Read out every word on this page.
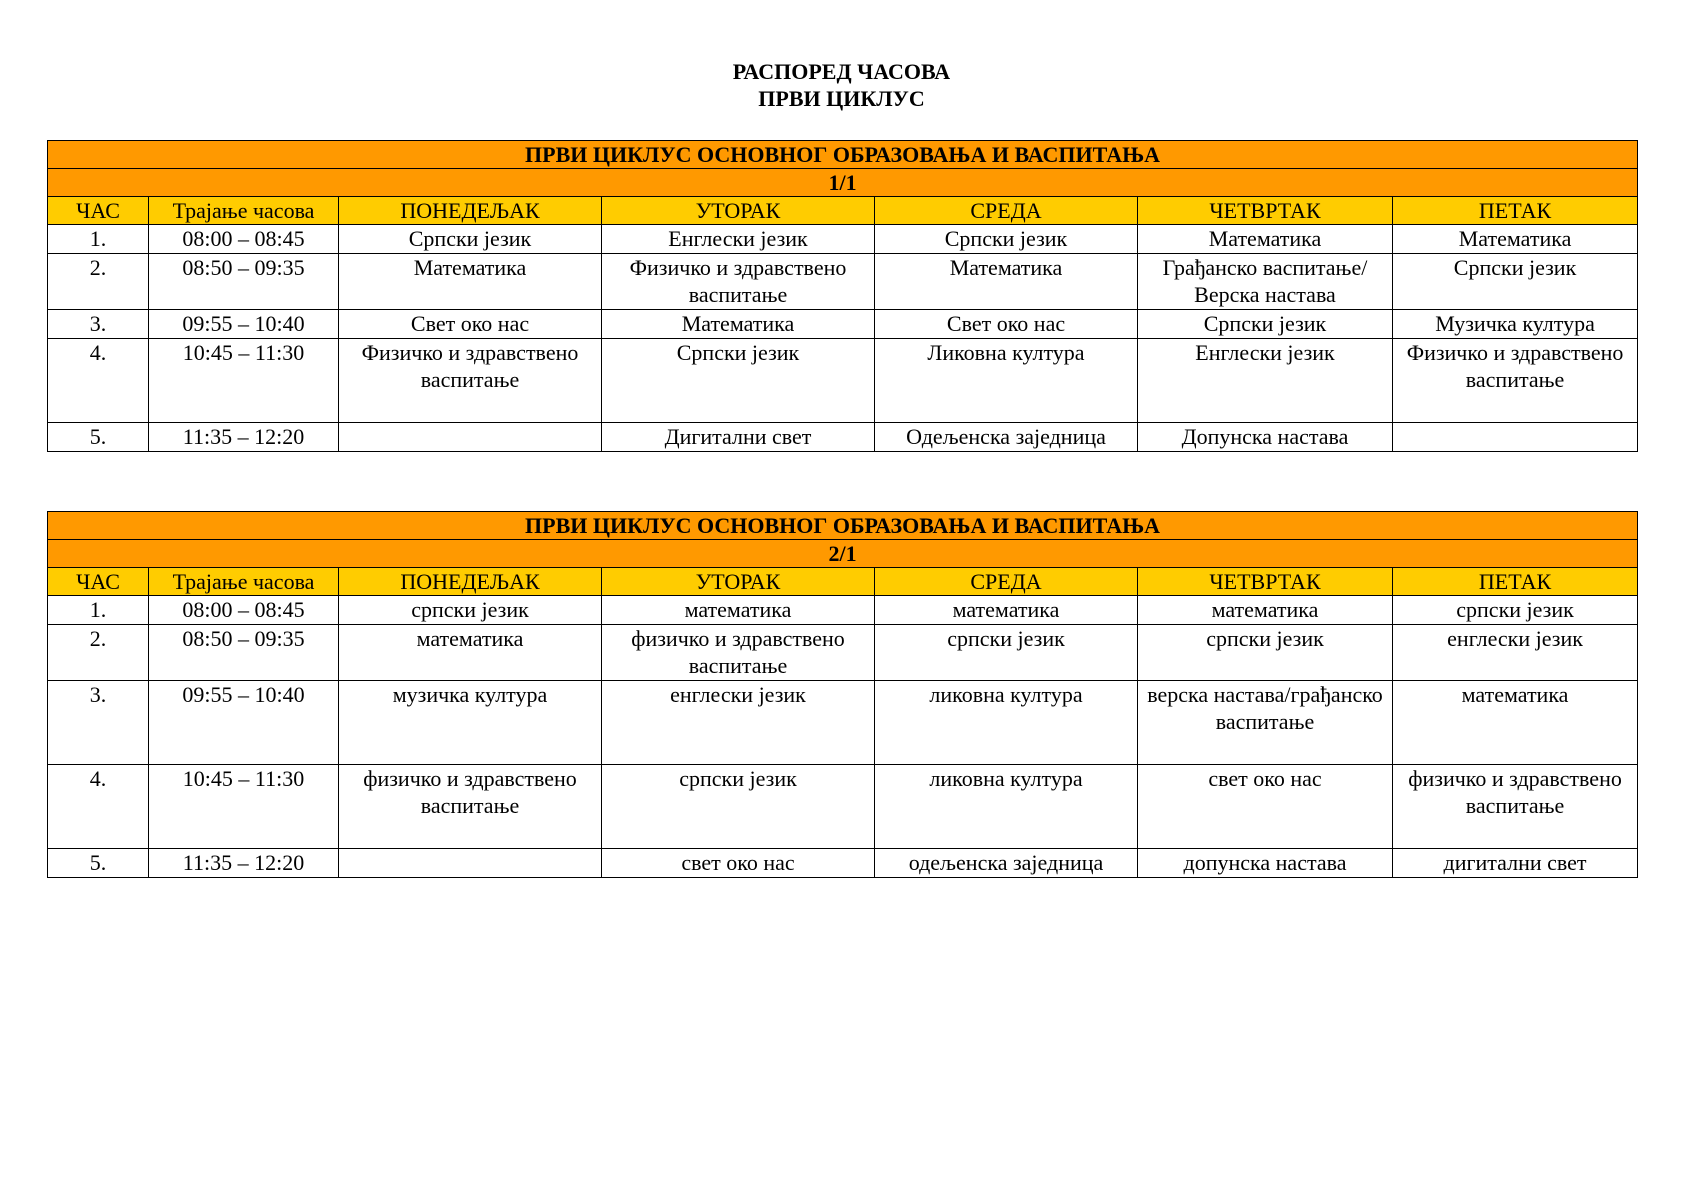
РАСПОРЕД ЧАСОВА
ПРВИ ЦИКЛУС
ПРВИ ЦИКЛУС ОСНОВНОГ ОБРАЗОВАЊА И ВАСПИТАЊА						
1/1						
ЧАС	Трајање часова	ПОНЕДЕЉАК	УТОРАК	СРЕДА	ЧЕТВРТАК	ПЕТАК
1.	08:00 – 08:45	Српски језик	Енглески језик	Српски језик	Математика	Математика
2.	08:50 – 09:35	Математика	Физичко и здравствено васпитање	Математика	Грађанско васпитање/ Верска настава	Српски језик
3.	09:55 – 10:40	Свет око нас	Математика	Свет око нас	Српски језик	Музичка култура
4.	10:45 – 11:30	Физичко и здравствено васпитање	Српски језик	Ликовна култура	Енглески језик	Физичко и здравствено васпитање
5.	11:35 – 12:20		Дигитални свет	Одељенска заједница	Допунска настава	
ПРВИ ЦИКЛУС ОСНОВНОГ ОБРАЗОВАЊА И ВАСПИТАЊА						
2/1						
ЧАС	Трајање часова	ПОНЕДЕЉАК	УТОРАК	СРЕДА	ЧЕТВРТАК	ПЕТАК
1.	08:00 – 08:45	српски језик	математика	математика	математика	српски језик
2.	08:50 – 09:35	математика	физичко и здравствено васпитање	српски језик	српски језик	енглески језик
3.	09:55 – 10:40	музичка култура	енглески језик	ликовна култура	верска настава/грађанско васпитање	математика
4.	10:45 – 11:30	физичко и здравствено васпитање	српски језик	ликовна култура	свет око нас	физичко и здравствено васпитање
5.	11:35 – 12:20		свет око нас	одељенска заједница	допунска настава	дигитални свет
